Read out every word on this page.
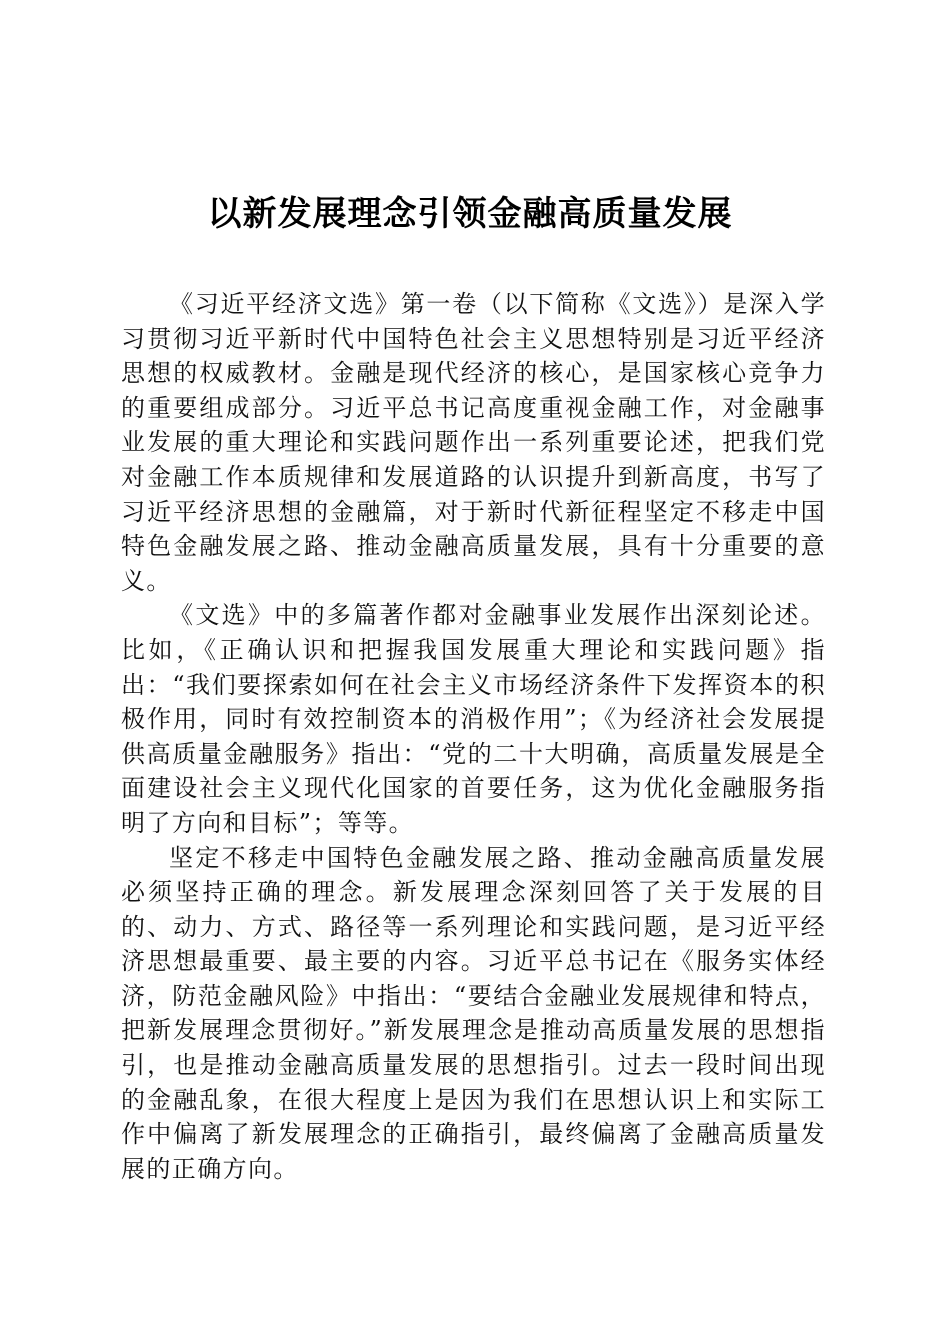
以新发展理念引领金融高质量发展

《习近平经济文选》第一卷（以下简称《文选》）是深入学习贯彻习近平新时代中国特色社会主义思想特别是习近平经济思想的权威教材。金融是现代经济的核心，是国家核心竞争力的重要组成部分。习近平总书记高度重视金融工作，对金融事业发展的重大理论和实践问题作出一系列重要论述，把我们党对金融工作本质规律和发展道路的认识提升到新高度，书写了习近平经济思想的金融篇，对于新时代新征程坚定不移走中国特色金融发展之路、推动金融高质量发展，具有十分重要的意义。

《文选》中的多篇著作都对金融事业发展作出深刻论述。比如，《正确认识和把握我国发展重大理论和实践问题》指出：“我们要探索如何在社会主义市场经济条件下发挥资本的积极作用，同时有效控制资本的消极作用”；《为经济社会发展提供高质量金融服务》指出：“党的二十大明确，高质量发展是全面建设社会主义现代化国家的首要任务，这为优化金融服务指明了方向和目标”；等等。

坚定不移走中国特色金融发展之路、推动金融高质量发展必须坚持正确的理念。新发展理念深刻回答了关于发展的目的、动力、方式、路径等一系列理论和实践问题，是习近平经济思想最重要、最主要的内容。习近平总书记在《服务实体经济，防范金融风险》中指出：“要结合金融业发展规律和特点，把新发展理念贯彻好。”新发展理念是推动高质量发展的思想指引，也是推动金融高质量发展的思想指引。过去一段时间出现的金融乱象，在很大程度上是因为我们在思想认识上和实际工作中偏离了新发展理念的正确指引，最终偏离了金融高质量发展的正确方向。
